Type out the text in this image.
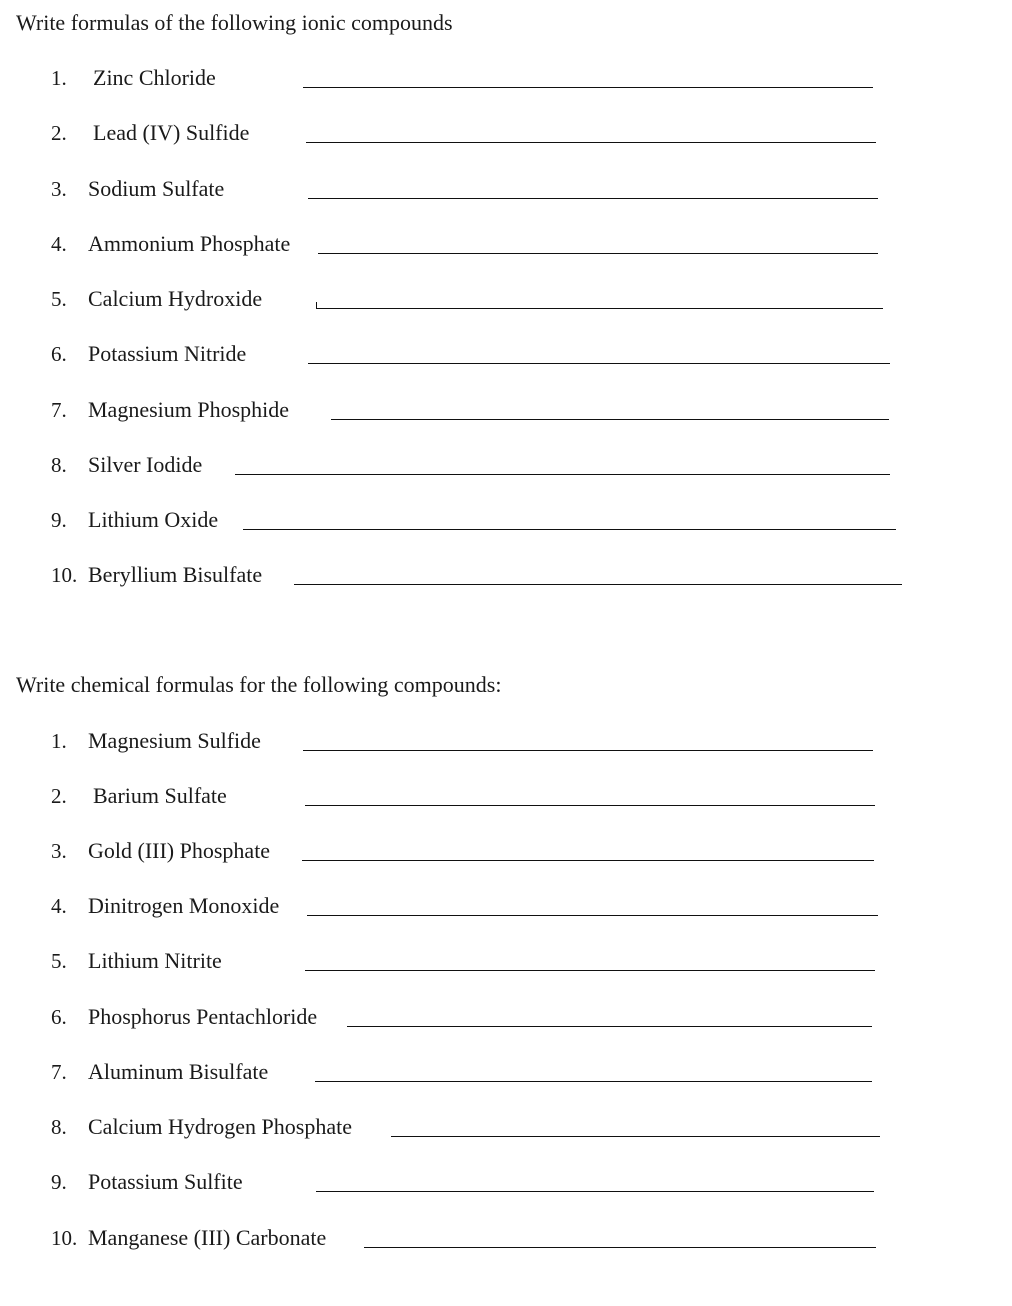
Write formulas of the following ionic compounds
1. Zinc Chloride
2. Lead (IV) Sulfide
3. Sodium Sulfate
4. Ammonium Phosphate
5. Calcium Hydroxide
6. Potassium Nitride
7. Magnesium Phosphide
8. Silver Iodide
9. Lithium Oxide
10. Beryllium Bisulfate
Write chemical formulas for the following compounds:
1. Magnesium Sulfide
2. Barium Sulfate
3. Gold (III) Phosphate
4. Dinitrogen Monoxide
5. Lithium Nitrite
6. Phosphorus Pentachloride
7. Aluminum Bisulfate
8. Calcium Hydrogen Phosphate
9. Potassium Sulfite
10. Manganese (III) Carbonate
